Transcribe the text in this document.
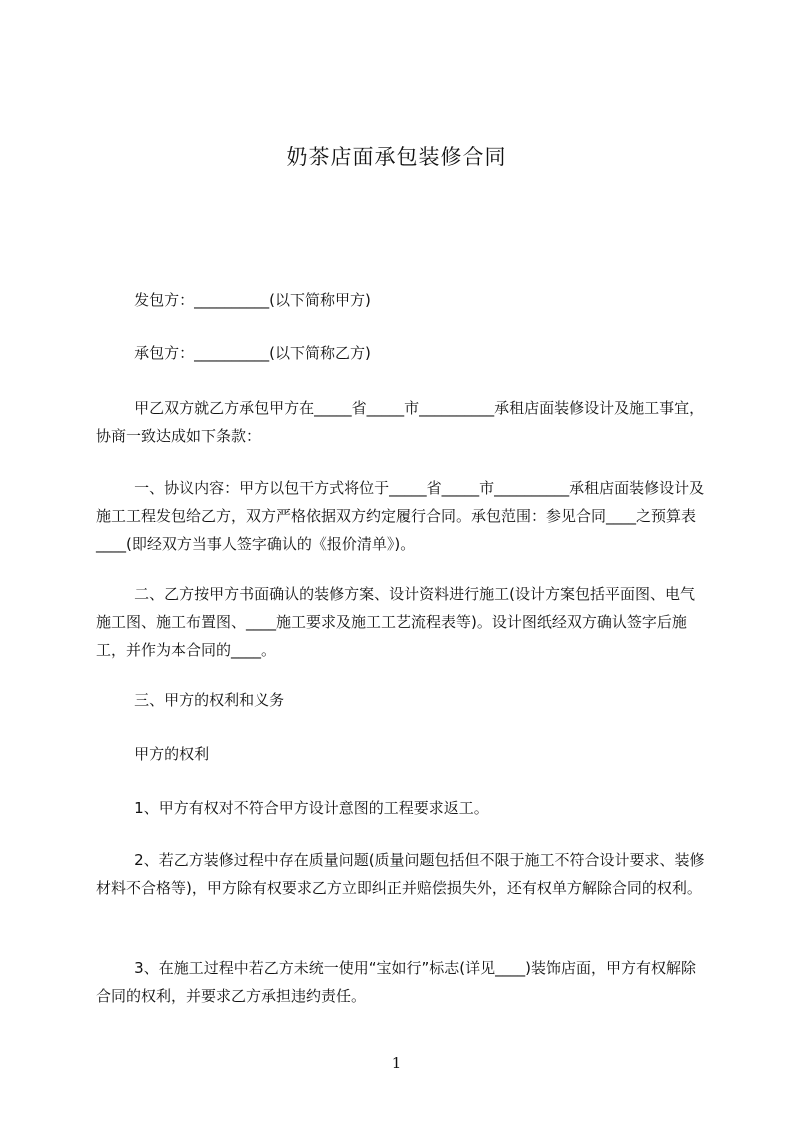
奶茶店面承包装修合同

发包方：__________(以下简称甲方)

承包方：__________(以下简称乙方)

甲乙双方就乙方承包甲方在_____省_____市__________承租店面装修设计及施工事宜，协商一致达成如下条款：

一、协议内容：甲方以包干方式将位于_____省_____市__________承租店面装修设计及施工工程发包给乙方，双方严格依据双方约定履行合同。承包范围：参见合同____之预算表____(即经双方当事人签字确认的《报价清单》)。

二、乙方按甲方书面确认的装修方案、设计资料进行施工(设计方案包括平面图、电气施工图、施工布置图、____施工要求及施工工艺流程表等)。设计图纸经双方确认签字后施工，并作为本合同的____。

三、甲方的权利和义务

甲方的权利

1、甲方有权对不符合甲方设计意图的工程要求返工。

2、若乙方装修过程中存在质量问题(质量问题包括但不限于施工不符合设计要求、装修材料不合格等)，甲方除有权要求乙方立即纠正并赔偿损失外，还有权单方解除合同的权利。

3、在施工过程中若乙方未统一使用“宝如行”标志(详见____)装饰店面，甲方有权解除合同的权利，并要求乙方承担违约责任。

1
